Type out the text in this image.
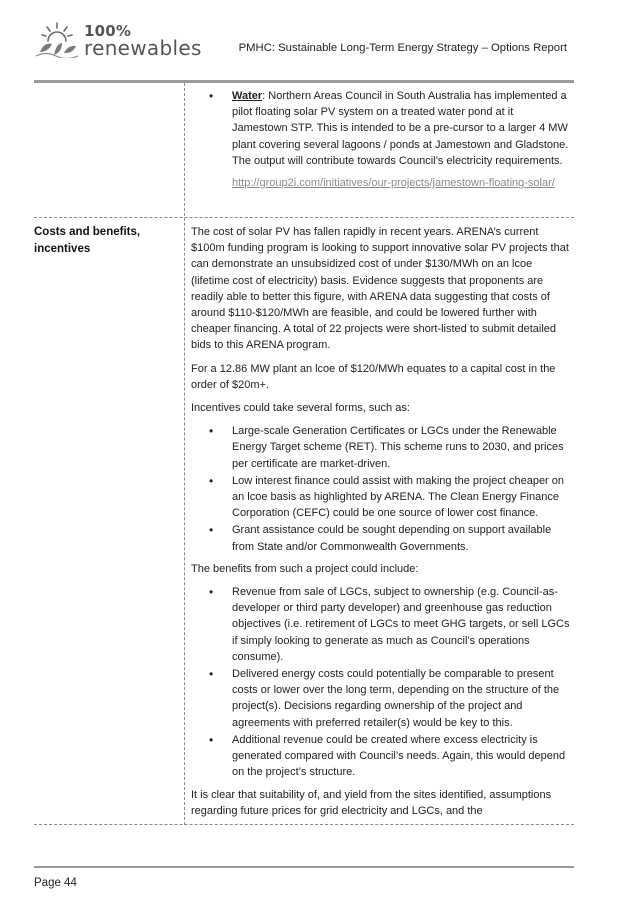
100%
renewables	PMHC: Sustainable Long-Term Energy Strategy – Options Report
• Water: Northern Areas Council in South Australia has implemented a pilot floating solar PV system on a treated water pond at it Jamestown STP. This is intended to be a pre-cursor to a larger 4 MW plant covering several lagoons / ponds at Jamestown and Gladstone. The output will contribute towards Council’s electricity requirements.
http://group2i.com/initiatives/our-projects/jamestown-floating-solar/
Costs and benefits, incentives

The cost of solar PV has fallen rapidly in recent years. ARENA’s current $100m funding program is looking to support innovative solar PV projects that can demonstrate an unsubsidized cost of under $130/MWh on an lcoe (lifetime cost of electricity) basis. Evidence suggests that proponents are readily able to better this figure, with ARENA data suggesting that costs of around $110-$120/MWh are feasible, and could be lowered further with cheaper financing. A total of 22 projects were short-listed to submit detailed bids to this ARENA program.

For a 12.86 MW plant an lcoe of $120/MWh equates to a capital cost in the order of $20m+.

Incentives could take several forms, such as:

• Large-scale Generation Certificates or LGCs under the Renewable Energy Target scheme (RET). This scheme runs to 2030, and prices per certificate are market-driven.
• Low interest finance could assist with making the project cheaper on an lcoe basis as highlighted by ARENA. The Clean Energy Finance Corporation (CEFC) could be one source of lower cost finance.
• Grant assistance could be sought depending on support available from State and/or Commonwealth Governments.

The benefits from such a project could include:

• Revenue from sale of LGCs, subject to ownership (e.g. Council-as-developer or third party developer) and greenhouse gas reduction objectives (i.e. retirement of LGCs to meet GHG targets, or sell LGCs if simply looking to generate as much as Council’s operations consume).
• Delivered energy costs could potentially be comparable to present costs or lower over the long term, depending on the structure of the project(s). Decisions regarding ownership of the project and agreements with preferred retailer(s) would be key to this.
• Additional revenue could be created where excess electricity is generated compared with Council’s needs. Again, this would depend on the project’s structure.

It is clear that suitability of, and yield from the sites identified, assumptions regarding future prices for grid electricity and LGCs, and the

Page 44
